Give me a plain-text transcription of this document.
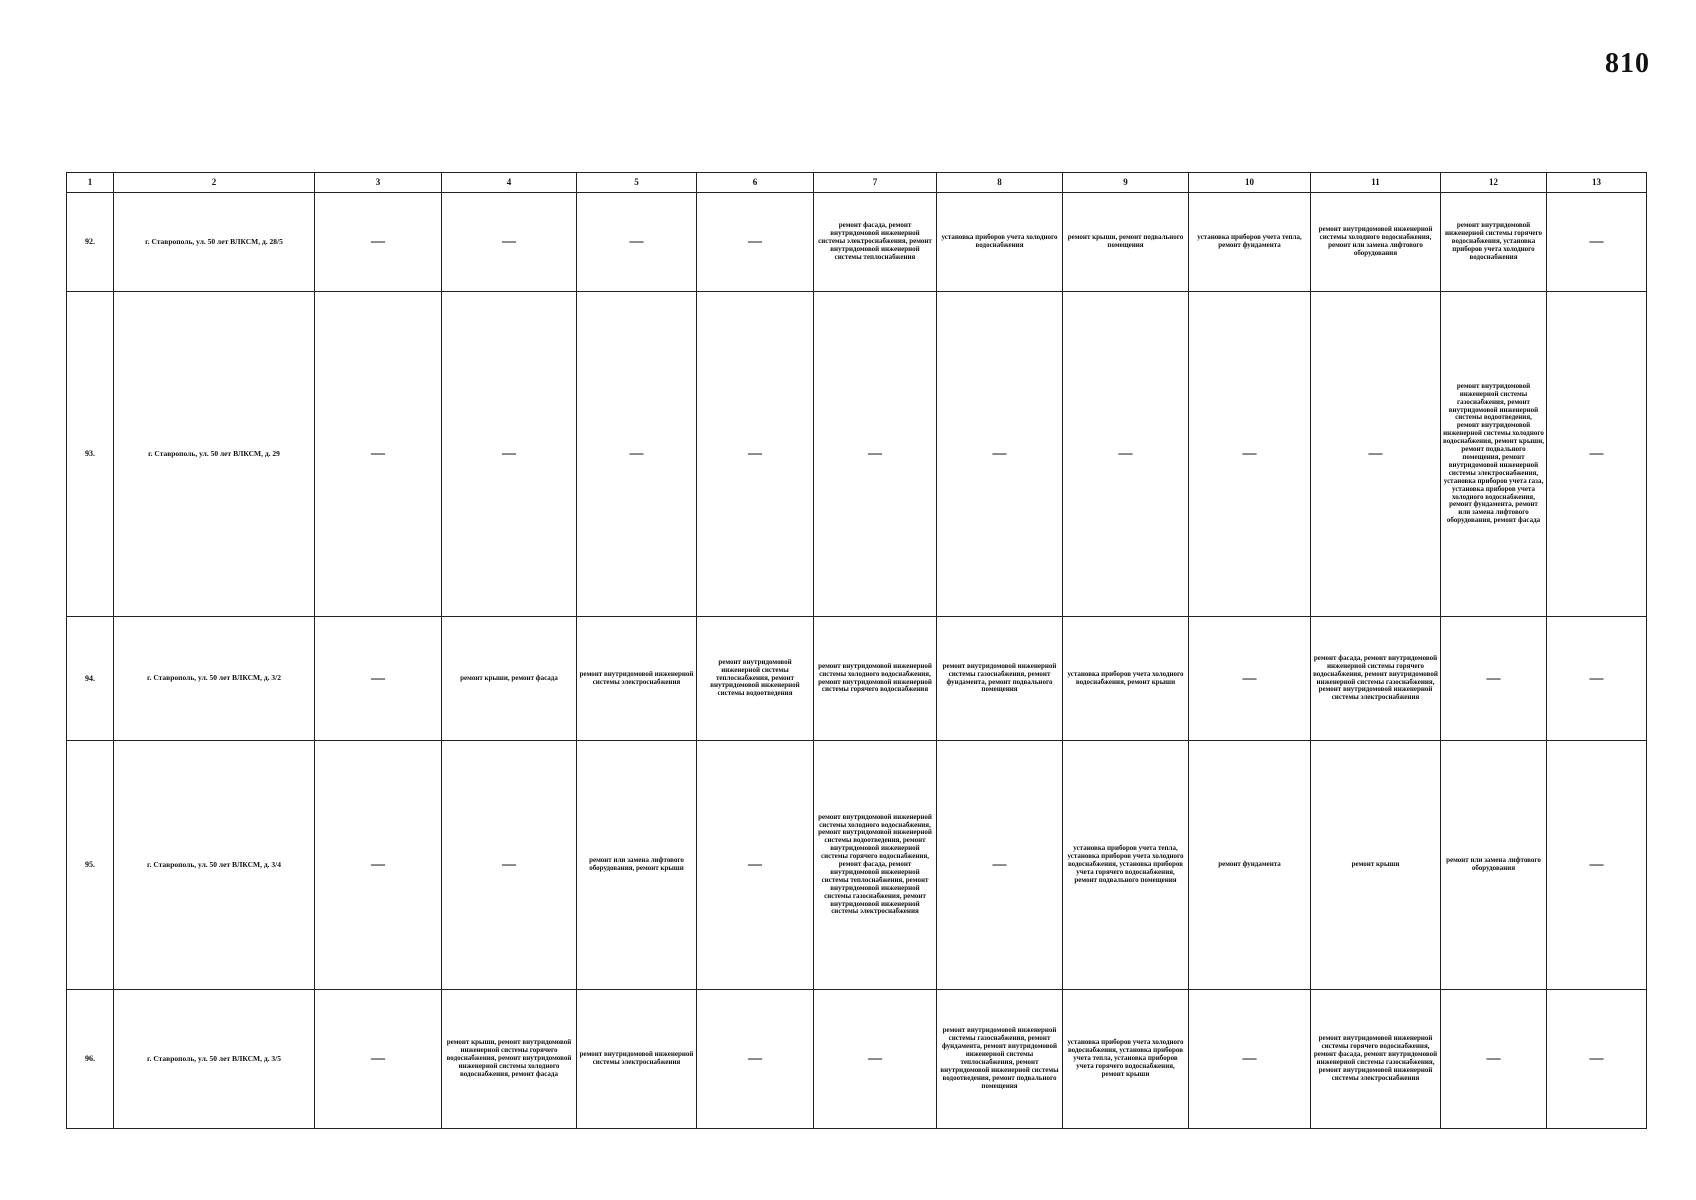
810
1	2	3	4	5	6	7	8	9	10	11	12	13
92.	г. Ставрополь, ул. 50 лет ВЛКСМ, д. 28/5	—	—	—	—	ремонт фасада, ремонт внутридомовой инженерной системы электроснабжения, ремонт внутридомовой инженерной системы теплоснабжения	установка приборов учета холодного водоснабжения	ремонт крыши, ремонт подвального помещения	установка приборов учета тепла, ремонт фундамента	ремонт внутридомовой инженерной системы холодного водоснабжения, ремонт или замена лифтового оборудования	ремонт внутридомовой инженерной системы горячего водоснабжения, установка приборов учета холодного водоснабжения	—
93.	г. Ставрополь, ул. 50 лет ВЛКСМ, д. 29	—	—	—	—	—	—	—	—	—	ремонт внутридомовой инженерной системы газоснабжения, ремонт внутридомовой инженерной системы водоотведения, ремонт внутридомовой инженерной системы холодного водоснабжения, ремонт крыши, ремонт подвального помещения, ремонт внутридомовой инженерной системы электроснабжения, установка приборов учета газа, установка приборов учета холодного водоснабжения, ремонт фундамента, ремонт или замена лифтового оборудования, ремонт фасада	—
94.	г. Ставрополь, ул. 50 лет ВЛКСМ, д. 3/2	—	ремонт крыши, ремонт фасада	ремонт внутридомовой инженерной системы электроснабжения	ремонт внутридомовой инженерной системы теплоснабжения, ремонт внутридомовой инженерной системы водоотведения	ремонт внутридомовой инженерной системы холодного водоснабжения, ремонт внутридомовой инженерной системы горячего водоснабжения	ремонт внутридомовой инженерной системы газоснабжения, ремонт фундамента, ремонт подвального помещения	установка приборов учета холодного водоснабжения, ремонт крыши	—	ремонт фасада, ремонт внутридомовой инженерной системы горячего водоснабжения, ремонт внутридомовой инженерной системы газоснабжения, ремонт внутридомовой инженерной системы электроснабжения	—	—
95.	г. Ставрополь, ул. 50 лет ВЛКСМ, д. 3/4	—	—	ремонт или замена лифтового оборудования, ремонт крыши	—	ремонт внутридомовой инженерной системы холодного водоснабжения, ремонт внутридомовой инженерной системы водоотведения, ремонт внутридомовой инженерной системы горячего водоснабжения, ремонт фасада, ремонт внутридомовой инженерной системы теплоснабжения, ремонт внутридомовой инженерной системы газоснабжения, ремонт внутридомовой инженерной системы электроснабжения	—	установка приборов учета тепла, установка приборов учета холодного водоснабжения, установка приборов учета горячего водоснабжения, ремонт подвального помещения	ремонт фундамента	ремонт крыши	ремонт или замена лифтового оборудования	—
96.	г. Ставрополь, ул. 50 лет ВЛКСМ, д. 3/5	—	ремонт крыши, ремонт внутридомовой инженерной системы горячего водоснабжения, ремонт внутридомовой инженерной системы холодного водоснабжения, ремонт фасада	ремонт внутридомовой инженерной системы электроснабжения	—	—	ремонт внутридомовой инженерной системы газоснабжения, ремонт фундамента, ремонт внутридомовой инженерной системы теплоснабжения, ремонт внутридомовой инженерной системы водоотведения, ремонт подвального помещения	установка приборов учета холодного водоснабжения, установка приборов учета тепла, установка приборов учета горячего водоснабжения, ремонт крыши	—	ремонт внутридомовой инженерной системы горячего водоснабжения, ремонт фасада, ремонт внутридомовой инженерной системы газоснабжения, ремонт внутридомовой инженерной системы электроснабжения	—	—
